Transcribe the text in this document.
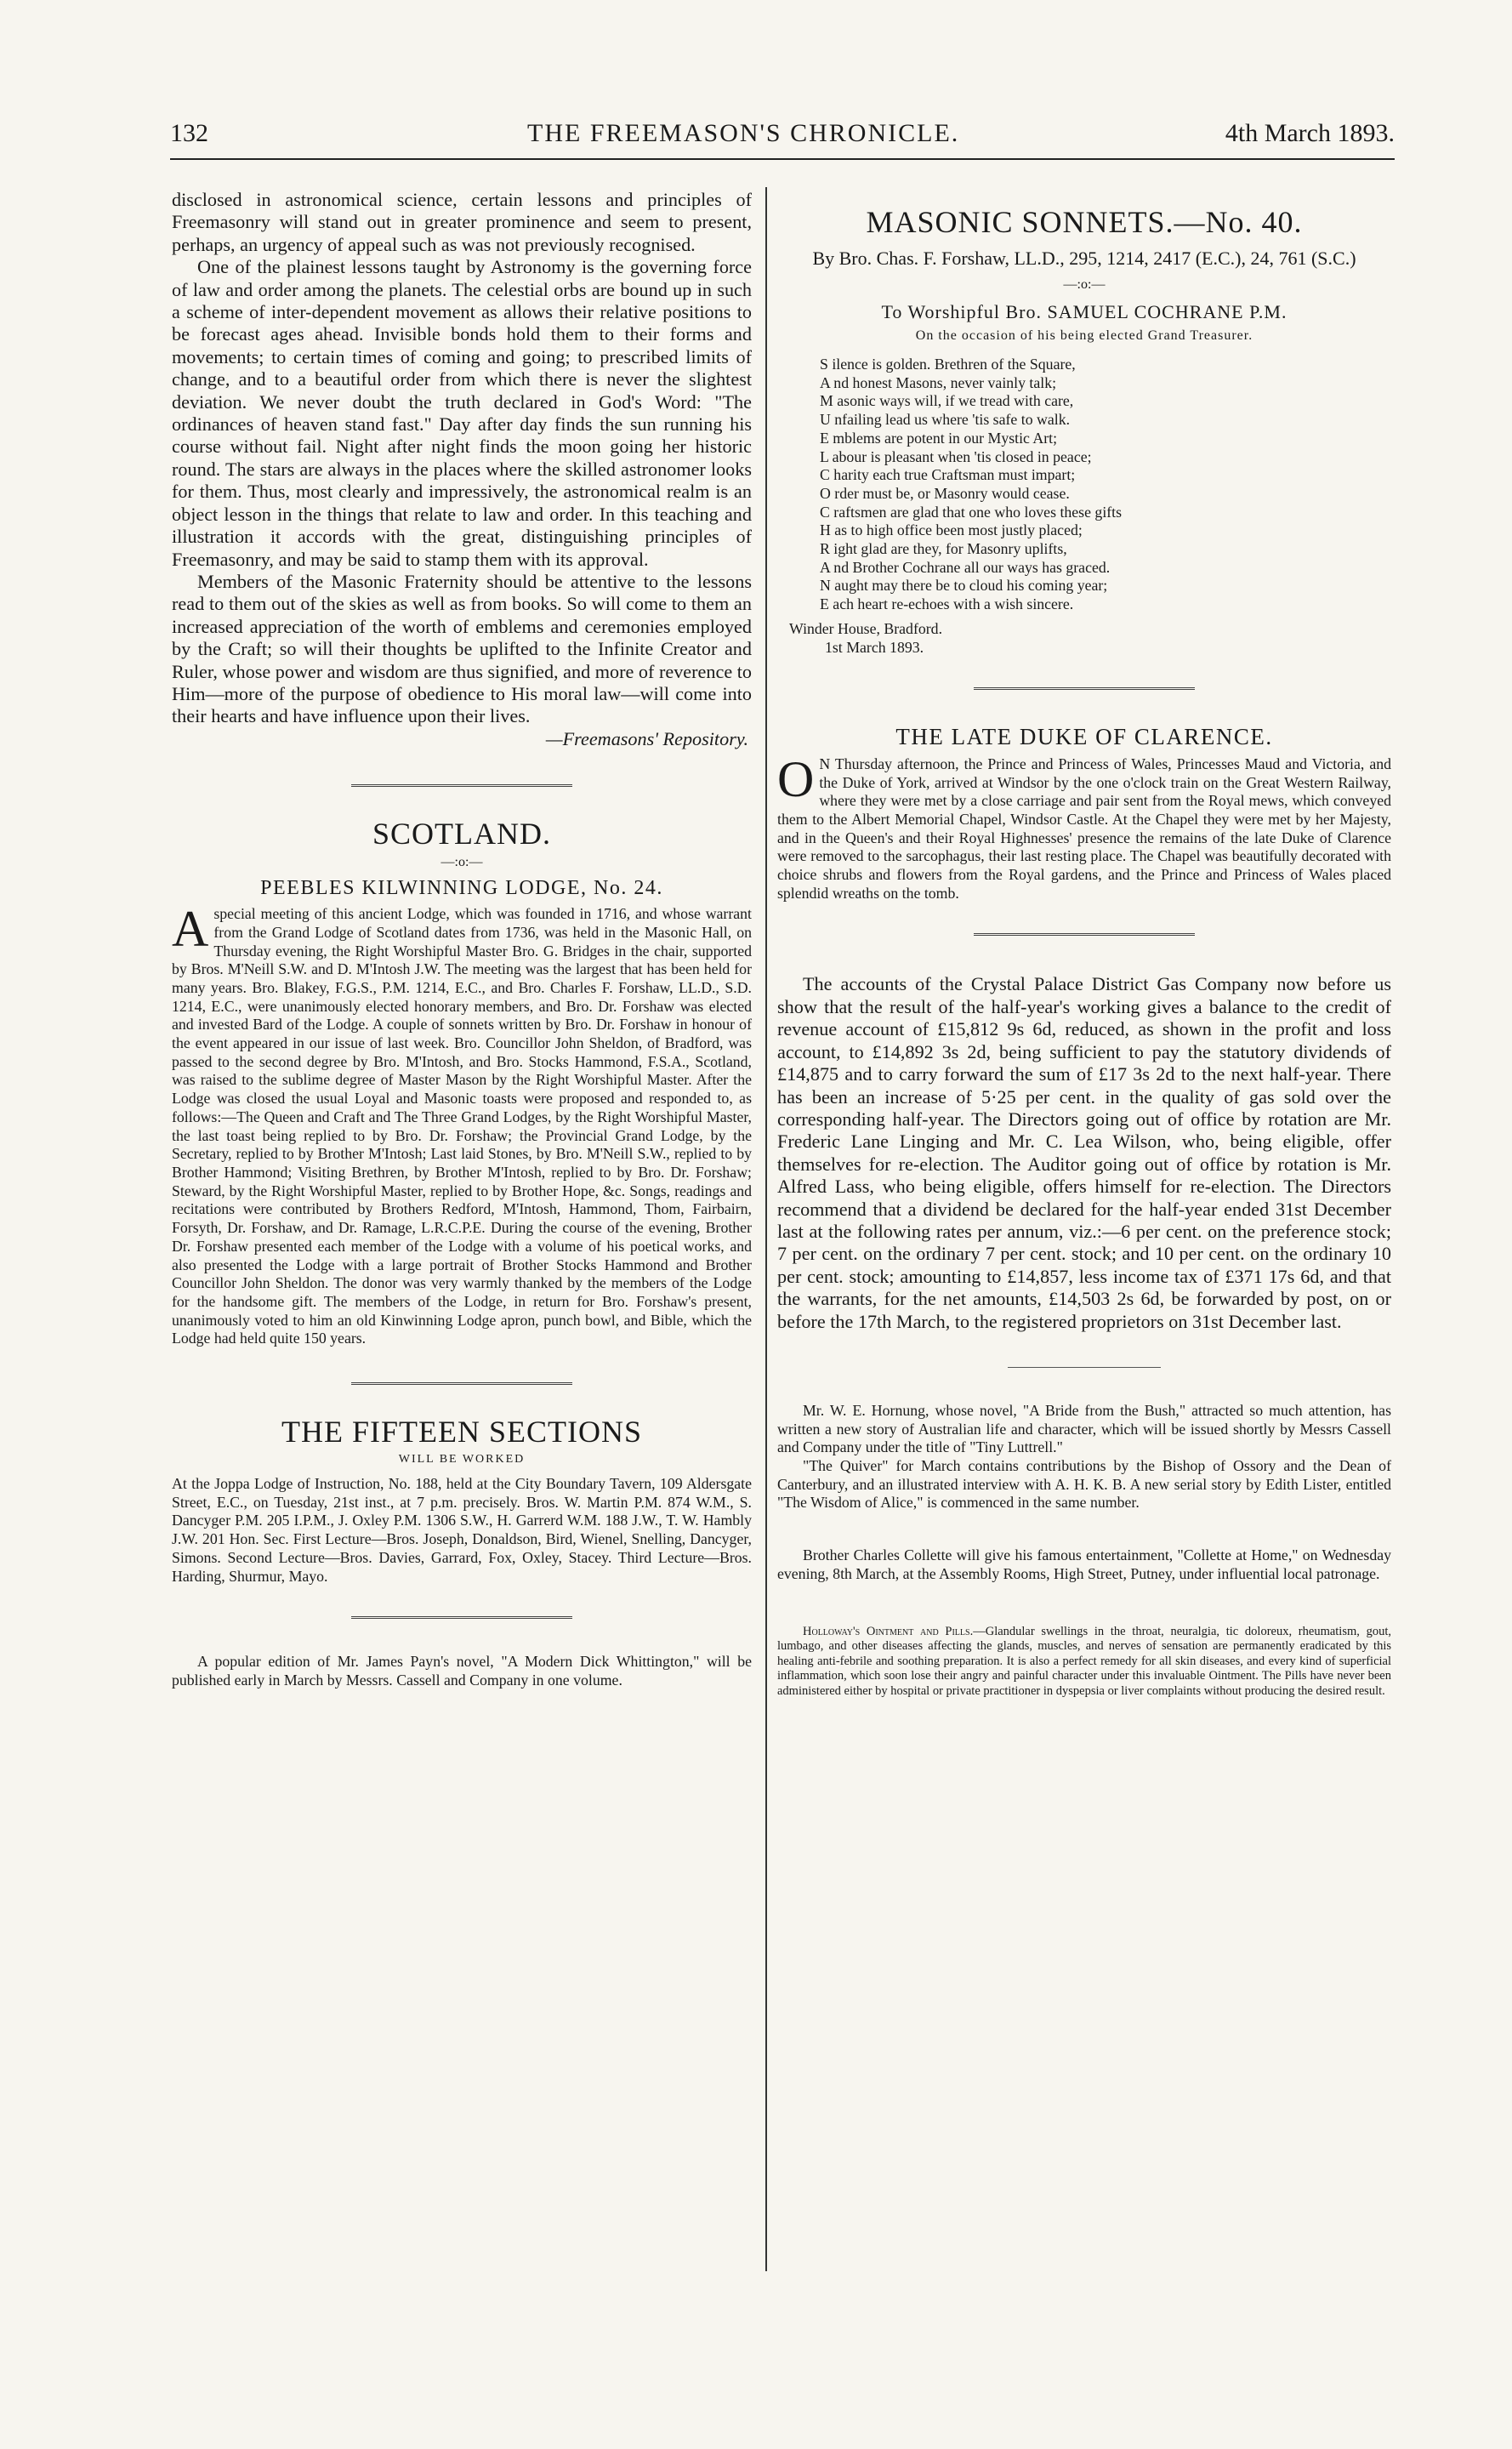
132	THE FREEMASON'S CHRONICLE.	4th March 1893.

disclosed in astronomical science, certain lessons and principles of Freemasonry will stand out in greater prominence and seem to present, perhaps, an urgency of appeal such as was not previously recognised.

One of the plainest lessons taught by Astronomy is the governing force of law and order among the planets. The celestial orbs are bound up in such a scheme of inter-dependent movement as allows their relative positions to be forecast ages ahead. Invisible bonds hold them to their forms and movements; to certain times of coming and going; to prescribed limits of change, and to a beautiful order from which there is never the slightest deviation. We never doubt the truth declared in God's Word: "The ordinances of heaven stand fast." Day after day finds the sun running his course without fail. Night after night finds the moon going her historic round. The stars are always in the places where the skilled astronomer looks for them. Thus, most clearly and impressively, the astronomical realm is an object lesson in the things that relate to law and order. In this teaching and illustration it accords with the great, distinguishing principles of Freemasonry, and may be said to stamp them with its approval.

Members of the Masonic Fraternity should be attentive to the lessons read to them out of the skies as well as from books. So will come to them an increased appreciation of the worth of emblems and ceremonies employed by the Craft; so will their thoughts be uplifted to the Infinite Creator and Ruler, whose power and wisdom are thus signified, and more of reverence to Him—more of the purpose of obedience to His moral law—will come into their hearts and have influence upon their lives.

—Freemasons' Repository.

SCOTLAND.
—:o:—
PEEBLES KILWINNING LODGE, No. 24.

Aspecial meeting of this ancient Lodge, which was founded in 1716, and whose warrant from the Grand Lodge of Scotland dates from 1736, was held in the Masonic Hall, on Thursday evening, the Right Worshipful Master Bro. G. Bridges in the chair, supported by Bros. M'Neill S.W. and D. M'Intosh J.W. The meeting was the largest that has been held for many years. Bro. Blakey, F.G.S., P.M. 1214, E.C., and Bro. Charles F. Forshaw, LL.D., S.D. 1214, E.C., were unanimously elected honorary members, and Bro. Dr. Forshaw was elected and invested Bard of the Lodge. A couple of sonnets written by Bro. Dr. Forshaw in honour of the event appeared in our issue of last week. Bro. Councillor John Sheldon, of Bradford, was passed to the second degree by Bro. M'Intosh, and Bro. Stocks Hammond, F.S.A., Scotland, was raised to the sublime degree of Master Mason by the Right Worshipful Master. After the Lodge was closed the usual Loyal and Masonic toasts were proposed and responded to, as follows:—The Queen and Craft and The Three Grand Lodges, by the Right Worshipful Master, the last toast being replied to by Bro. Dr. Forshaw; the Provincial Grand Lodge, by the Secretary, replied to by Brother M'Intosh; Last laid Stones, by Bro. M'Neill S.W., replied to by Brother Hammond; Visiting Brethren, by Brother M'Intosh, replied to by Bro. Dr. Forshaw; Steward, by the Right Worshipful Master, replied to by Brother Hope, &c. Songs, readings and recitations were contributed by Brothers Redford, M'Intosh, Hammond, Thom, Fairbairn, Forsyth, Dr. Forshaw, and Dr. Ramage, L.R.C.P.E. During the course of the evening, Brother Dr. Forshaw presented each member of the Lodge with a volume of his poetical works, and also presented the Lodge with a large portrait of Brother Stocks Hammond and Brother Councillor John Sheldon. The donor was very warmly thanked by the members of the Lodge for the handsome gift. The members of the Lodge, in return for Bro. Forshaw's present, unanimously voted to him an old Kinwinning Lodge apron, punch bowl, and Bible, which the Lodge had held quite 150 years.

THE FIFTEEN SECTIONS
WILL BE WORKED

At the Joppa Lodge of Instruction, No. 188, held at the City Boundary Tavern, 109 Aldersgate Street, E.C., on Tuesday, 21st inst., at 7 p.m. precisely. Bros. W. Martin P.M. 874 W.M., S. Dancyger P.M. 205 I.P.M., J. Oxley P.M. 1306 S.W., H. Garrerd W.M. 188 J.W., T. W. Hambly J.W. 201 Hon. Sec. First Lecture—Bros. Joseph, Donaldson, Bird, Wienel, Snelling, Dancyger, Simons. Second Lecture—Bros. Davies, Garrard, Fox, Oxley, Stacey. Third Lecture—Bros. Harding, Shurmur, Mayo.

A popular edition of Mr. James Payn's novel, "A Modern Dick Whittington," will be published early in March by Messrs. Cassell and Company in one volume.

MASONIC SONNETS.—No. 40.
By Bro. Chas. F. Forshaw, LL.D., 295, 1214, 2417 (E.C.), 24, 761 (S.C.)
—:o:—
To Worshipful Bro. SAMUEL COCHRANE P.M.
On the occasion of his being elected Grand Treasurer.
S ilence is golden. Brethren of the Square,
A nd honest Masons, never vainly talk;
M asonic ways will, if we tread with care,
U nfailing lead us where 'tis safe to walk.
E mblems are potent in our Mystic Art;
L abour is pleasant when 'tis closed in peace;
C harity each true Craftsman must impart;
O rder must be, or Masonry would cease.
C raftsmen are glad that one who loves these gifts
H as to high office been most justly placed;
R ight glad are they, for Masonry uplifts,
A nd Brother Cochrane all our ways has graced.
N aught may there be to cloud his coming year;
E ach heart re-echoes with a wish sincere.
Winder House, Bradford.
1st March 1893.
THE LATE DUKE OF CLARENCE.

O N Thursday afternoon, the Prince and Princess of Wales, Princesses Maud and Victoria, and the Duke of York, arrived at Windsor by the one o'clock train on the Great Western Railway, where they were met by a close carriage and pair sent from the Royal mews, which conveyed them to the Albert Memorial Chapel, Windsor Castle. At the Chapel they were met by her Majesty, and in the Queen's and their Royal Highnesses' presence the remains of the late Duke of Clarence were removed to the sarcophagus, their last resting place. The Chapel was beautifully decorated with choice shrubs and flowers from the Royal gardens, and the Prince and Princess of Wales placed splendid wreaths on the tomb.

The accounts of the Crystal Palace District Gas Company now before us show that the result of the half-year's working gives a balance to the credit of revenue account of £15,812 9s 6d, reduced, as shown in the profit and loss account, to £14,892 3s 2d, being sufficient to pay the statutory dividends of £14,875 and to carry forward the sum of £17 3s 2d to the next half-year. There has been an increase of 5·25 per cent. in the quality of gas sold over the corresponding half-year. The Directors going out of office by rotation are Mr. Frederic Lane Linging and Mr. C. Lea Wilson, who, being eligible, offer themselves for re-election. The Auditor going out of office by rotation is Mr. Alfred Lass, who being eligible, offers himself for re-election. The Directors recommend that a dividend be declared for the half-year ended 31st December last at the following rates per annum, viz.:—6 per cent. on the preference stock; 7 per cent. on the ordinary 7 per cent. stock; and 10 per cent. on the ordinary 10 per cent. stock; amounting to £14,857, less income tax of £371 17s 6d, and that the warrants, for the net amounts, £14,503 2s 6d, be forwarded by post, on or before the 17th March, to the registered proprietors on 31st December last.

Mr. W. E. Hornung, whose novel, "A Bride from the Bush," attracted so much attention, has written a new story of Australian life and character, which will be issued shortly by Messrs Cassell and Company under the title of "Tiny Luttrell."

"The Quiver" for March contains contributions by the Bishop of Ossory and the Dean of Canterbury, and an illustrated interview with A. H. K. B. A new serial story by Edith Lister, entitled "The Wisdom of Alice," is commenced in the same number.

Brother Charles Collette will give his famous entertainment, "Collette at Home," on Wednesday evening, 8th March, at the Assembly Rooms, High Street, Putney, under influential local patronage.

Holloway's Ointment and Pills.—Glandular swellings in the throat, neuralgia, tic doloreux, rheumatism, gout, lumbago, and other diseases affecting the glands, muscles, and nerves of sensation are permanently eradicated by this healing anti-febrile and soothing preparation. It is also a perfect remedy for all skin diseases, and every kind of superficial inflammation, which soon lose their angry and painful character under this invaluable Ointment. The Pills have never been administered either by hospital or private practitioner in dyspepsia or liver complaints without producing the desired result.
